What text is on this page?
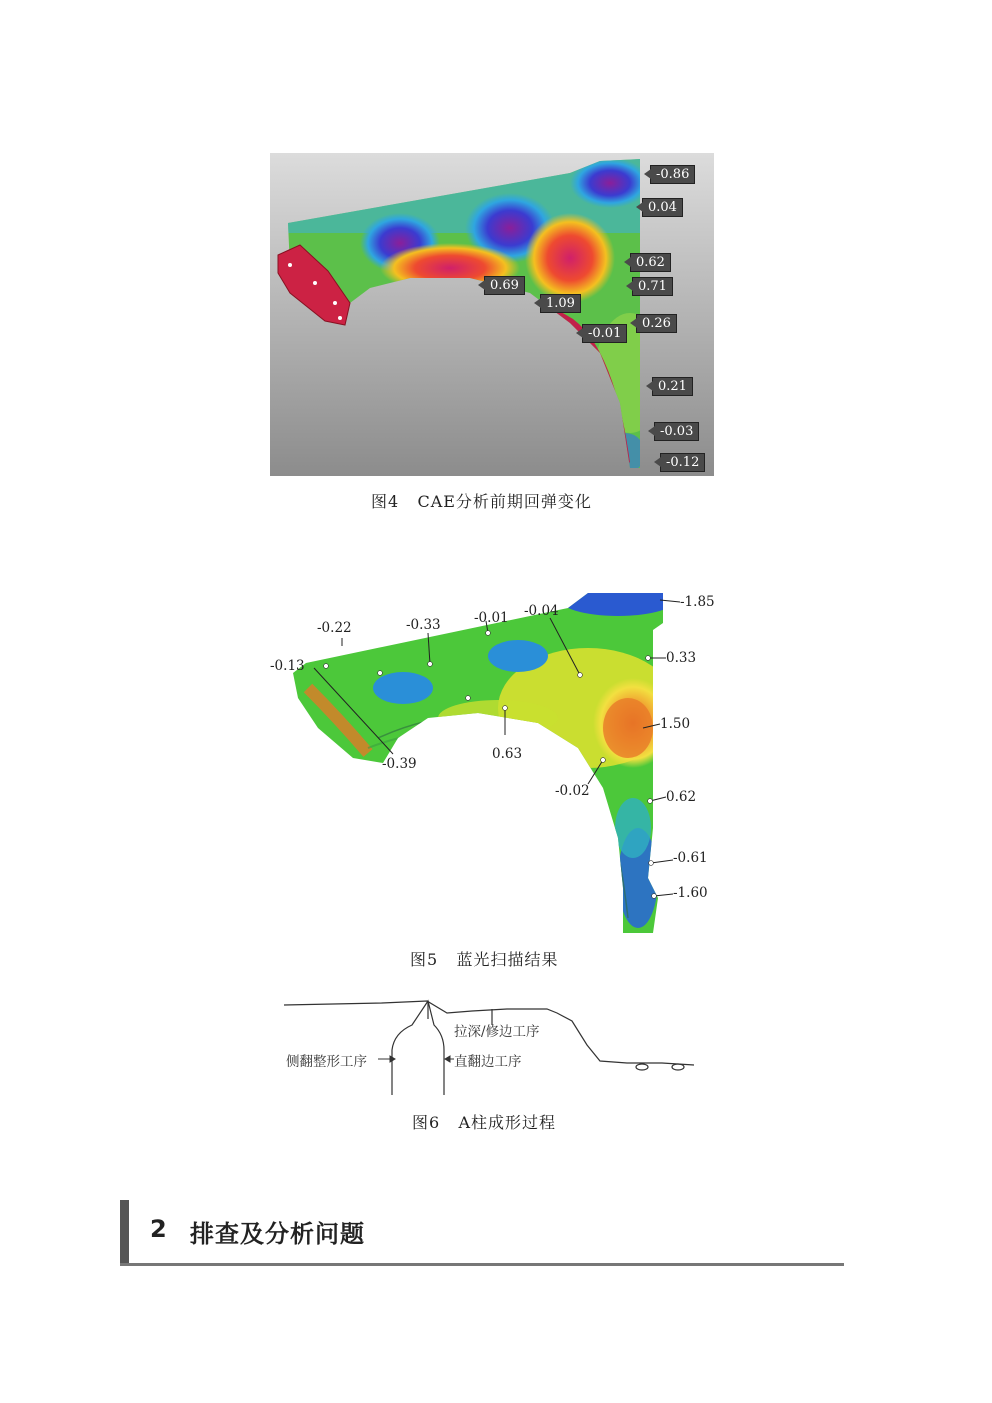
-0.86
0.04
0.62
0.71
0.69
1.09
0.26
-0.01
0.21
-0.03
-0.12
图4 CAE分析前期回弹变化
-1.85
-0.04
-0.01
-0.33
-0.22
-0.13	0.33
1.50
-0.39
0.63
-0.02	0.62
-0.61
-1.60
图5 蓝光扫描结果
拉深/修边工序
侧翻整形工序	直翻边工序
图6 A柱成形过程
2 排查及分析问题
